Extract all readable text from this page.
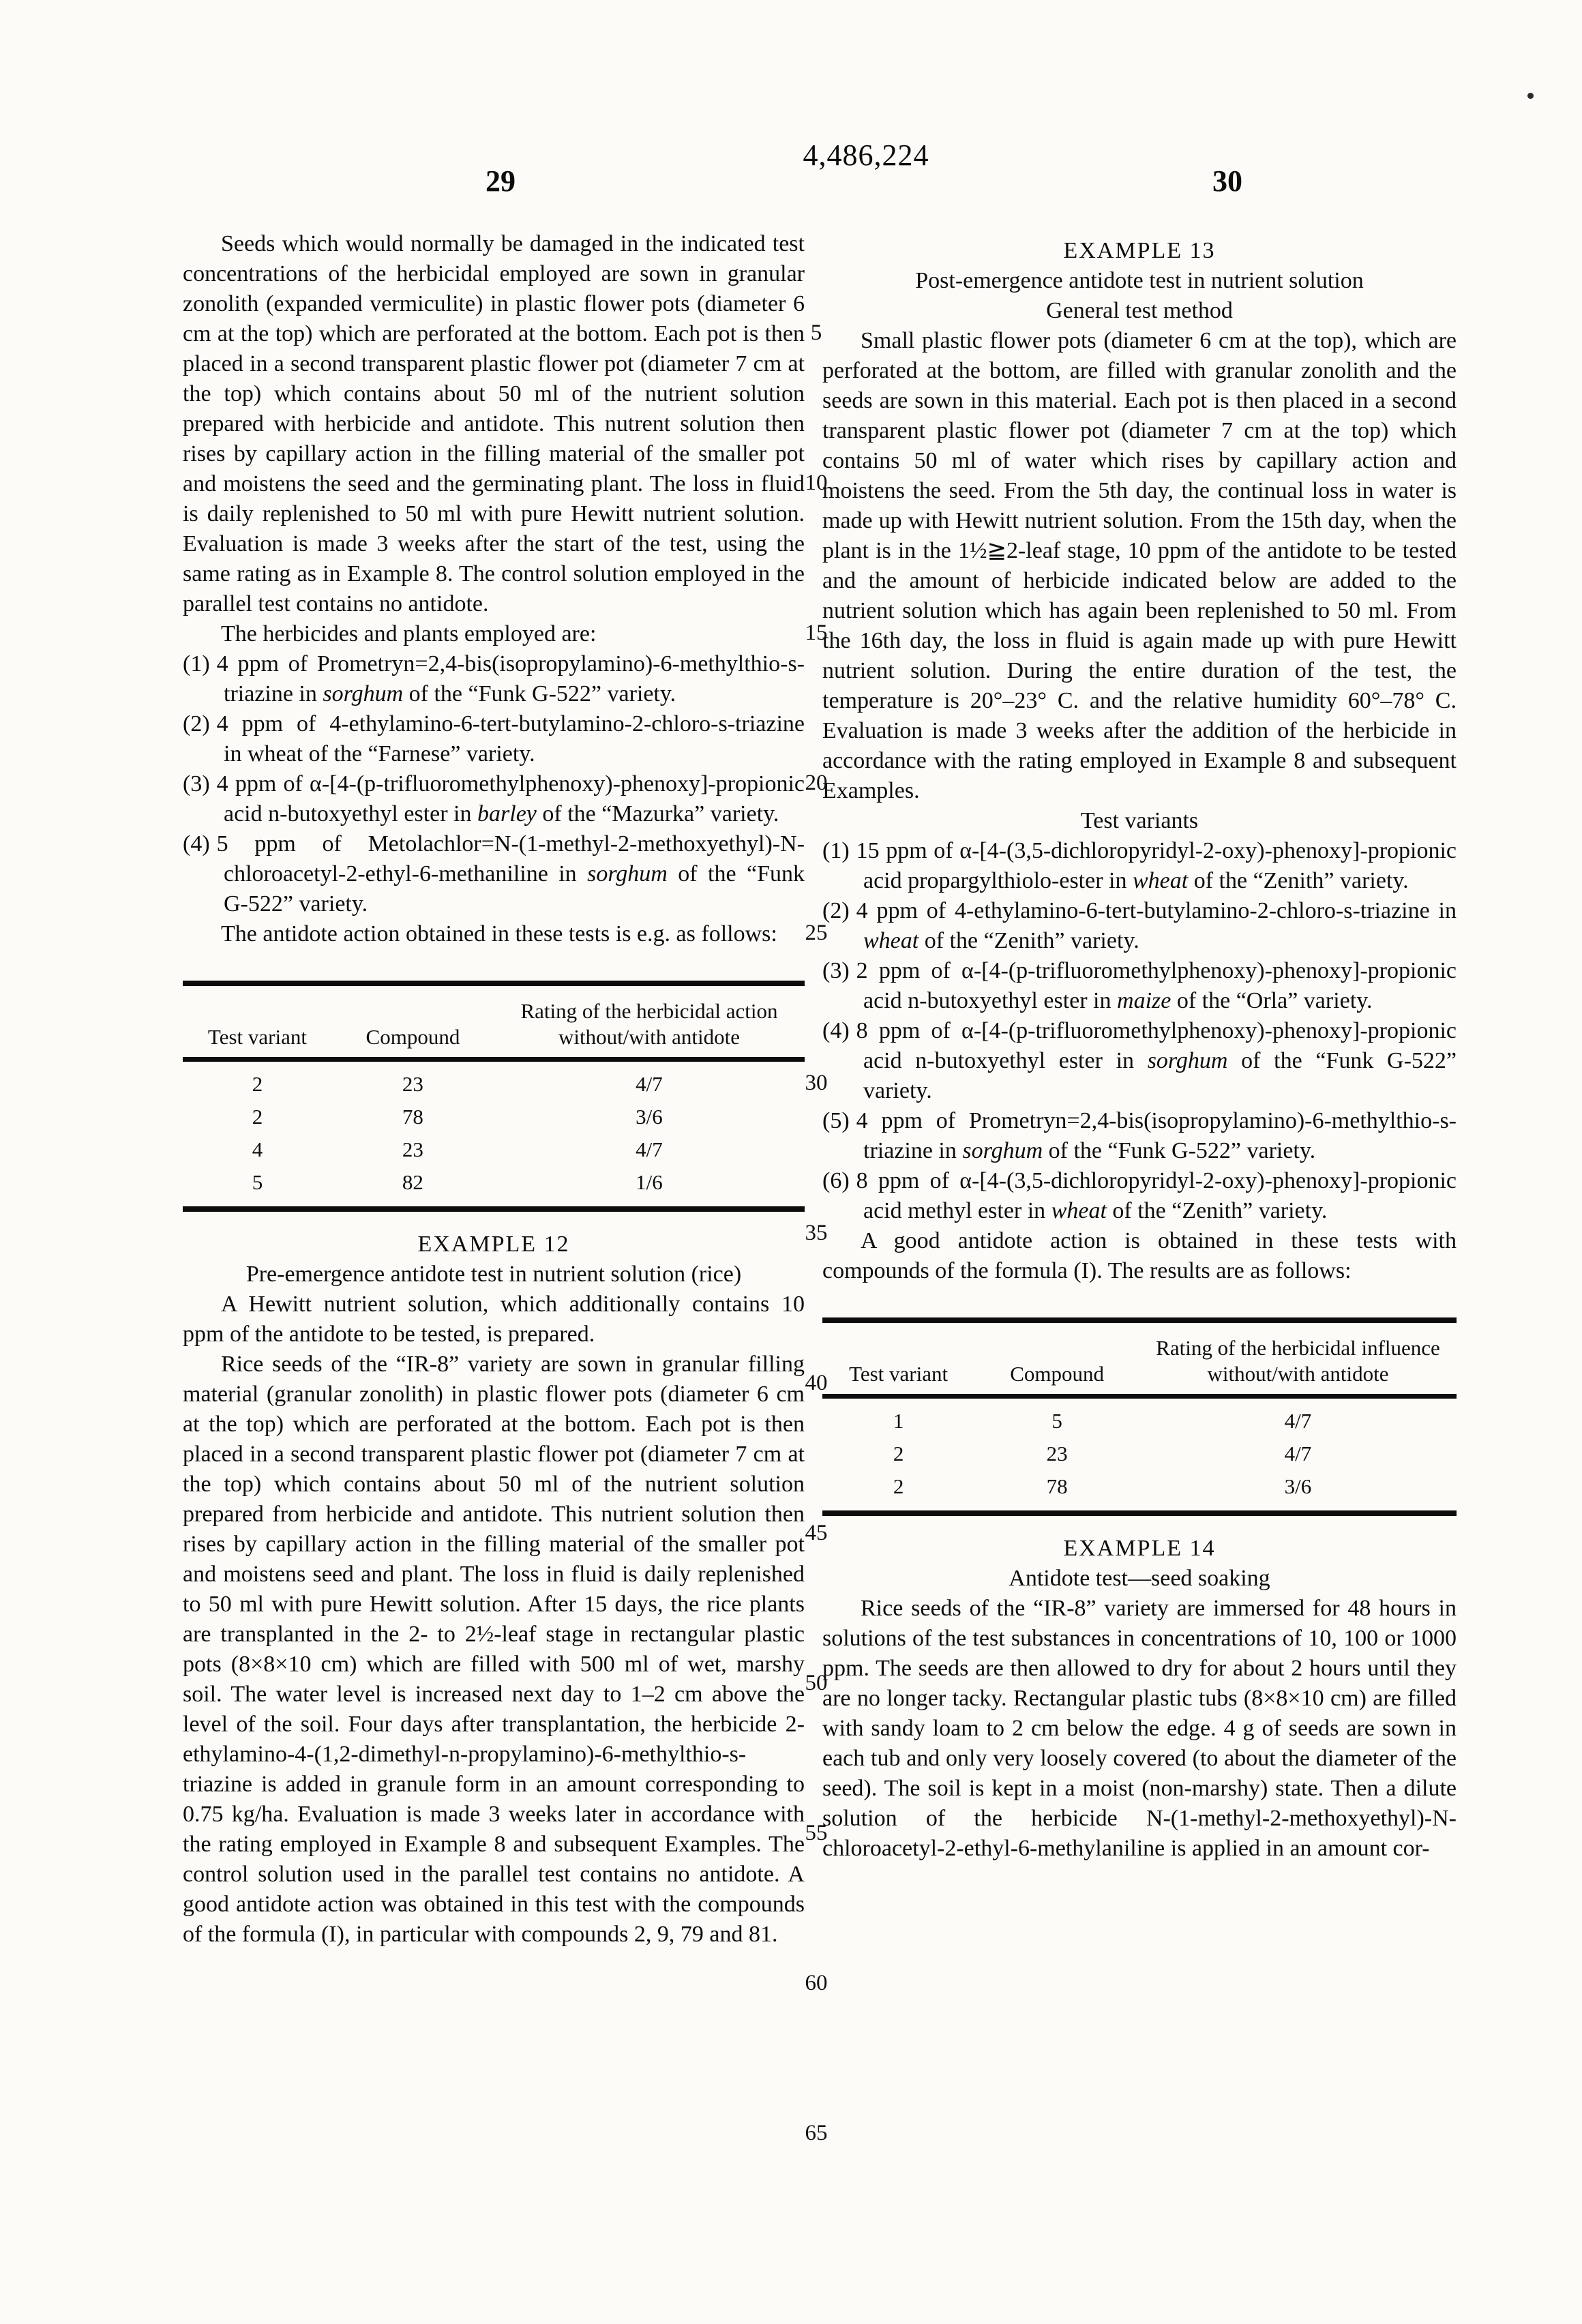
4,486,224
29	30
5
10
15
20
25
30
35
40
45
50
55
60
65

Seeds which would normally be damaged in the indicated test concentrations of the herbicidal employed are sown in granular zonolith (expanded vermiculite) in plastic flower pots (diameter 6 cm at the top) which are perforated at the bottom. Each pot is then placed in a second transparent plastic flower pot (diameter 7 cm at the top) which contains about 50 ml of the nutrient solution prepared with herbicide and antidote. This nutrent solution then rises by capillary action in the filling material of the smaller pot and moistens the seed and the germinating plant. The loss in fluid is daily replenished to 50 ml with pure Hewitt nutrient solution. Evaluation is made 3 weeks after the start of the test, using the same rating as in Example 8. The control solution employed in the parallel test contains no antidote.

The herbicides and plants employed are:

(1) 4 ppm of Prometryn=2,4-bis(isopropylamino)-6-methylthio-s-triazine in sorghum of the “Funk G-522” variety.

(2) 4 ppm of 4-ethylamino-6-tert-butylamino-2-chloro-s-triazine in wheat of the “Farnese” variety.

(3) 4 ppm of α-[4-(p-trifluoromethylphenoxy)-phenoxy]-propionic acid n-butoxyethyl ester in barley of the “Mazurka” variety.

(4) 5 ppm of Metolachlor=N-(1-methyl-2-methoxyethyl)-N-chloroacetyl-2-ethyl-6-methaniline in sorghum of the “Funk G-522” variety.

The antidote action obtained in these tests is e.g. as follows:

Test variant	Compound	Rating of the herbicidal action
without/with antidote

2	23	4/7
2	78	3/6
4	23	4/7
5	82	1/6

EXAMPLE 12

Pre-emergence antidote test in nutrient solution (rice)

A Hewitt nutrient solution, which additionally contains 10 ppm of the antidote to be tested, is prepared.

Rice seeds of the “IR-8” variety are sown in granular filling material (granular zonolith) in plastic flower pots (diameter 6 cm at the top) which are perforated at the bottom. Each pot is then placed in a second transparent plastic flower pot (diameter 7 cm at the top) which contains about 50 ml of the nutrient solution prepared from herbicide and antidote. This nutrient solution then rises by capillary action in the filling material of the smaller pot and moistens seed and plant. The loss in fluid is daily replenished to 50 ml with pure Hewitt solution. After 15 days, the rice plants are transplanted in the 2- to 2½-leaf stage in rectangular plastic pots (8×8×10 cm) which are filled with 500 ml of wet, marshy soil. The water level is increased next day to 1–2 cm above the level of the soil. Four days after transplantation, the herbicide 2-ethylamino-4-(1,2-dimethyl-n-propylamino)-6-methylthio-s-triazine is added in granule form in an amount corresponding to 0.75 kg/ha. Evaluation is made 3 weeks later in accordance with the rating employed in Example 8 and subsequent Examples. The control solution used in the parallel test contains no antidote. A good antidote action was obtained in this test with the compounds of the formula (I), in particular with compounds 2, 9, 79 and 81.

EXAMPLE 13

Post-emergence antidote test in nutrient solution

General test method

Small plastic flower pots (diameter 6 cm at the top), which are perforated at the bottom, are filled with granular zonolith and the seeds are sown in this material. Each pot is then placed in a second transparent plastic flower pot (diameter 7 cm at the top) which contains 50 ml of water which rises by capillary action and moistens the seed. From the 5th day, the continual loss in water is made up with Hewitt nutrient solution. From the 15th day, when the plant is in the 1½≧2-leaf stage, 10 ppm of the antidote to be tested and the amount of herbicide indicated below are added to the nutrient solution which has again been replenished to 50 ml. From the 16th day, the loss in fluid is again made up with pure Hewitt nutrient solution. During the entire duration of the test, the temperature is 20°–23° C. and the relative humidity 60°–78° C. Evaluation is made 3 weeks after the addition of the herbicide in accordance with the rating employed in Example 8 and subsequent Examples.

Test variants

(1) 15 ppm of α-[4-(3,5-dichloropyridyl-2-oxy)-phenoxy]-propionic acid propargylthiolo-ester in wheat of the “Zenith” variety.

(2) 4 ppm of 4-ethylamino-6-tert-butylamino-2-chloro-s-triazine in wheat of the “Zenith” variety.

(3) 2 ppm of α-[4-(p-trifluoromethylphenoxy)-phenoxy]-propionic acid n-butoxyethyl ester in maize of the “Orla” variety.

(4) 8 ppm of α-[4-(p-trifluoromethylphenoxy)-phenoxy]-propionic acid n-butoxyethyl ester in sorghum of the “Funk G-522” variety.

(5) 4 ppm of Prometryn=2,4-bis(isopropylamino)-6-methylthio-s-triazine in sorghum of the “Funk G-522” variety.

(6) 8 ppm of α-[4-(3,5-dichloropyridyl-2-oxy)-phenoxy]-propionic acid methyl ester in wheat of the “Zenith” variety.

A good antidote action is obtained in these tests with compounds of the formula (I). The results are as follows:

Test variant	Compound	Rating of the herbicidal influence
without/with antidote

1	5	4/7
2	23	4/7
2	78	3/6

EXAMPLE 14

Antidote test—seed soaking

Rice seeds of the “IR-8” variety are immersed for 48 hours in solutions of the test substances in concentrations of 10, 100 or 1000 ppm. The seeds are then allowed to dry for about 2 hours until they are no longer tacky. Rectangular plastic tubs (8×8×10 cm) are filled with sandy loam to 2 cm below the edge. 4 g of seeds are sown in each tub and only very loosely covered (to about the diameter of the seed). The soil is kept in a moist (non-marshy) state. Then a dilute solution of the herbicide N-(1-methyl-2-methoxyethyl)-N-chloroacetyl-2-ethyl-6-methylaniline is applied in an amount cor-
